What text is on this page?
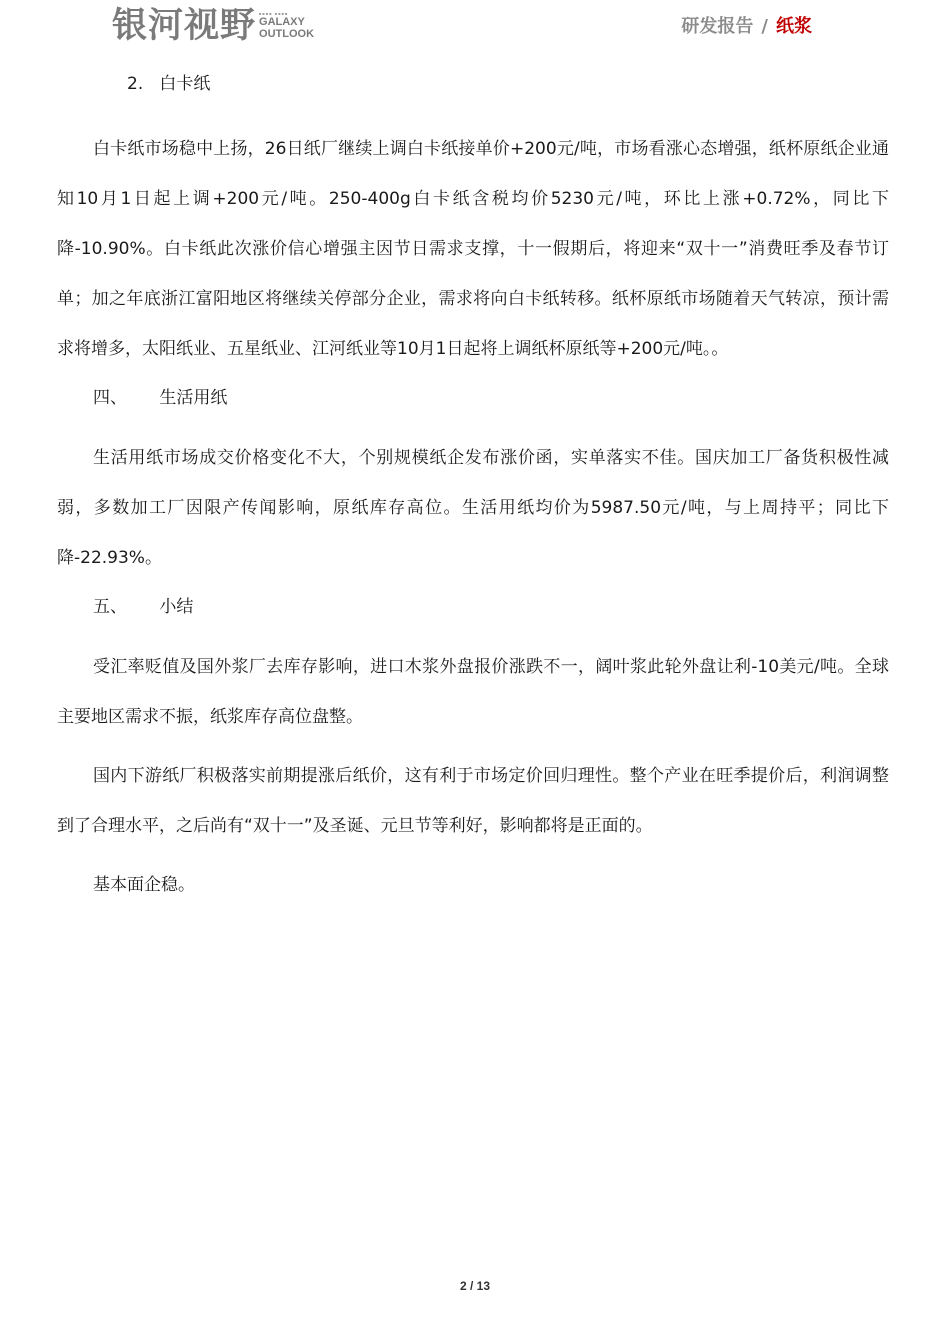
银河视野 ■■■■ ■■■■
GALAXY
OUTLOOK	研发报告 / 纸浆
2.   白卡纸

白卡纸市场稳中上扬，26日纸厂继续上调白卡纸接单价+200元/吨，市场看涨心态增强，纸杯原纸企业通知10月1日起上调+200元/吨。250-400g白卡纸含税均价5230元/吨，环比上涨+0.72%，同比下降-10.90%。白卡纸此次涨价信心增强主因节日需求支撑，十一假期后，将迎来“双十一”消费旺季及春节订单；加之年底浙江富阳地区将继续关停部分企业，需求将向白卡纸转移。纸杯原纸市场随着天气转凉，预计需求将增多，太阳纸业、五星纸业、江河纸业等10月1日起将上调纸杯原纸等+200元/吨。。

四、      生活用纸

生活用纸市场成交价格变化不大，个别规模纸企发布涨价函，实单落实不佳。国庆加工厂备货积极性减弱，多数加工厂因限产传闻影响，原纸库存高位。生活用纸均价为5987.50元/吨，与上周持平；同比下降-22.93%。

五、      小结

受汇率贬值及国外浆厂去库存影响，进口木浆外盘报价涨跌不一，阔叶浆此轮外盘让利-10美元/吨。全球主要地区需求不振，纸浆库存高位盘整。

国内下游纸厂积极落实前期提涨后纸价，这有利于市场定价回归理性。整个产业在旺季提价后，利润调整到了合理水平，之后尚有“双十一”及圣诞、元旦节等利好，影响都将是正面的。

基本面企稳。

2 / 13
